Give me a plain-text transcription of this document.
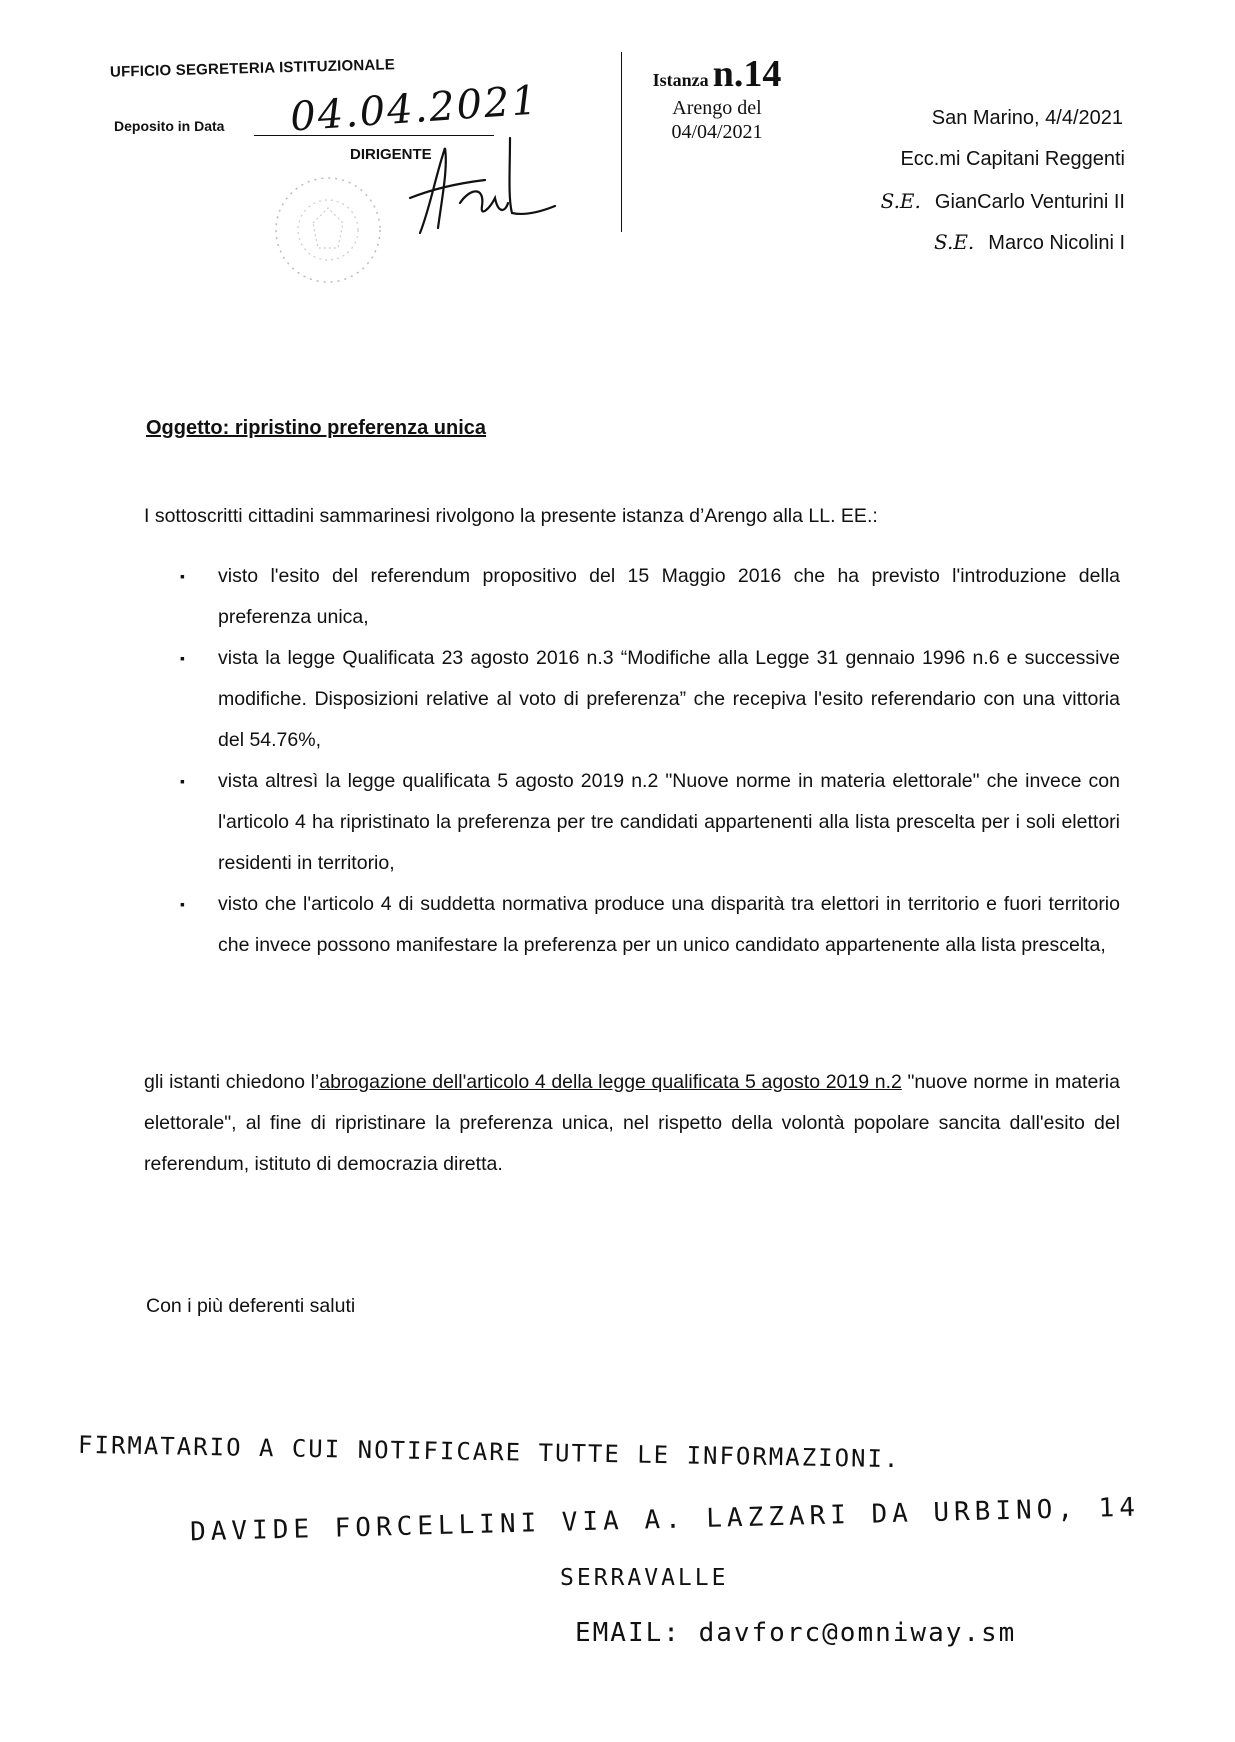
UFFICIO SEGRETERIA ISTITUZIONALE
Deposito in Data 04.04.2021
DIRIGENTE
Istanza n.14
Arengo del
04/04/2021
San Marino, 4/4/2021
Ecc.mi Capitani Reggenti
S.E. GianCarlo Venturini II
S.E. Marco Nicolini I
Oggetto: ripristino preferenza unica
I sottoscritti cittadini sammarinesi rivolgono la presente istanza d’Arengo alla LL. EE.:
▪ visto l'esito del referendum propositivo del 15 Maggio 2016 che ha previsto l'introduzione della preferenza unica,
▪ vista la legge Qualificata 23 agosto 2016 n.3 “Modifiche alla Legge 31 gennaio 1996 n.6 e successive modifiche. Disposizioni relative al voto di preferenza” che recepiva l'esito referendario con una vittoria del 54.76%,
▪ vista altresì la legge qualificata 5 agosto 2019 n.2 "Nuove norme in materia elettorale" che invece con l'articolo 4 ha ripristinato la preferenza per tre candidati appartenenti alla lista prescelta per i soli elettori residenti in territorio,
▪ visto che l'articolo 4 di suddetta normativa produce una disparità tra elettori in territorio e fuori territorio che invece possono manifestare la preferenza per un unico candidato appartenente alla lista prescelta,
gli istanti chiedono l’abrogazione dell'articolo 4 della legge qualificata 5 agosto 2019 n.2 "nuove norme in materia elettorale", al fine di ripristinare la preferenza unica, nel rispetto della volontà popolare sancita dall'esito del referendum, istituto di democrazia diretta.
Con i più deferenti saluti
FIRMATARIO A CUI NOTIFICARE TUTTE LE INFORMAZIONI.
DAVIDE FORCELLINI VIA A. LAZZARI DA URBINO, 14
SERRAVALLE
EMAIL: davforc@omniway.sm
